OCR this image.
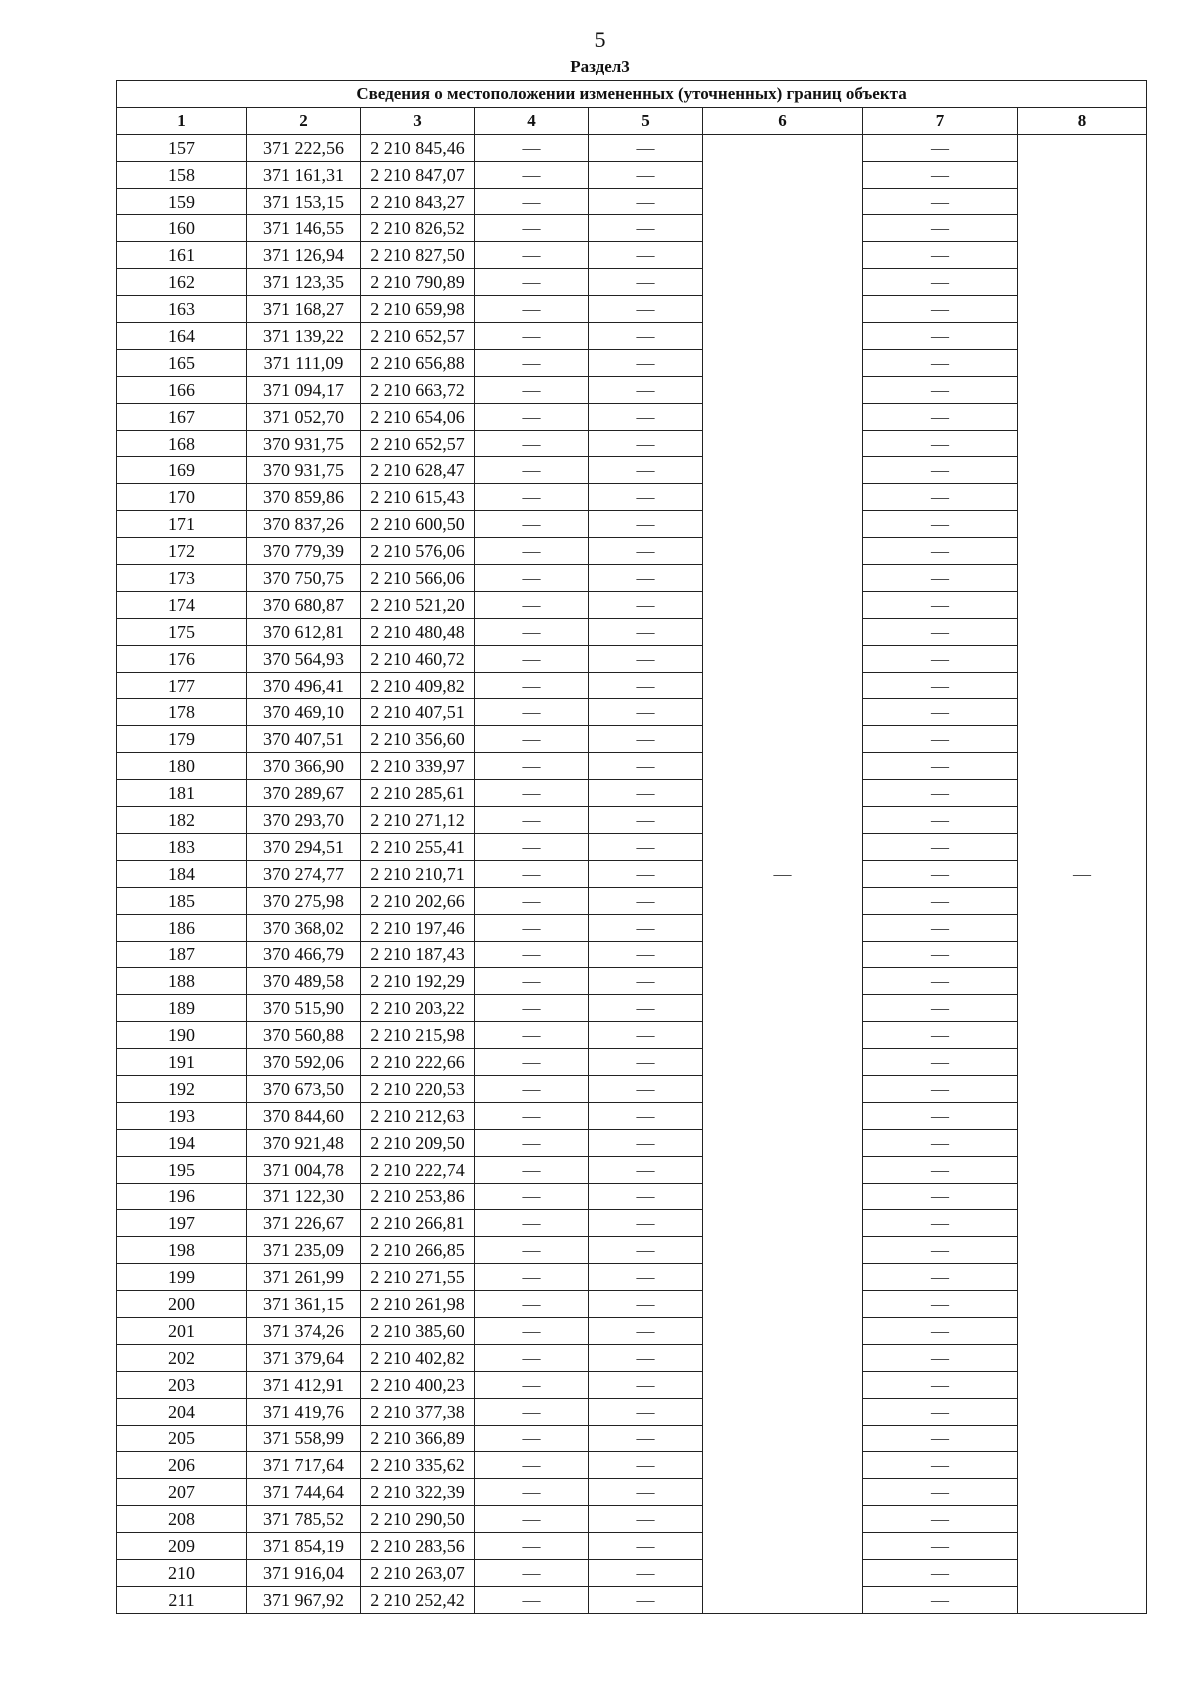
5
Раздел3
Сведения о местоположении измененных (уточненных) границ объекта							
1	2	3	4	5	6	7	8
157	371 222,56	2 210 845,46	—	—	—	—	—
158	371 161,31	2 210 847,07	—	—		—	
159	371 153,15	2 210 843,27	—	—		—	
160	371 146,55	2 210 826,52	—	—		—	
161	371 126,94	2 210 827,50	—	—		—	
162	371 123,35	2 210 790,89	—	—		—	
163	371 168,27	2 210 659,98	—	—		—	
164	371 139,22	2 210 652,57	—	—		—	
165	371 111,09	2 210 656,88	—	—		—	
166	371 094,17	2 210 663,72	—	—		—	
167	371 052,70	2 210 654,06	—	—		—	
168	370 931,75	2 210 652,57	—	—		—	
169	370 931,75	2 210 628,47	—	—		—	
170	370 859,86	2 210 615,43	—	—		—	
171	370 837,26	2 210 600,50	—	—		—	
172	370 779,39	2 210 576,06	—	—		—	
173	370 750,75	2 210 566,06	—	—		—	
174	370 680,87	2 210 521,20	—	—		—	
175	370 612,81	2 210 480,48	—	—		—	
176	370 564,93	2 210 460,72	—	—		—	
177	370 496,41	2 210 409,82	—	—		—	
178	370 469,10	2 210 407,51	—	—		—	
179	370 407,51	2 210 356,60	—	—		—	
180	370 366,90	2 210 339,97	—	—		—	
181	370 289,67	2 210 285,61	—	—		—	
182	370 293,70	2 210 271,12	—	—		—	
183	370 294,51	2 210 255,41	—	—		—	
184	370 274,77	2 210 210,71	—	—		—	
185	370 275,98	2 210 202,66	—	—		—	
186	370 368,02	2 210 197,46	—	—		—	
187	370 466,79	2 210 187,43	—	—		—	
188	370 489,58	2 210 192,29	—	—		—	
189	370 515,90	2 210 203,22	—	—		—	
190	370 560,88	2 210 215,98	—	—		—	
191	370 592,06	2 210 222,66	—	—		—	
192	370 673,50	2 210 220,53	—	—		—	
193	370 844,60	2 210 212,63	—	—		—	
194	370 921,48	2 210 209,50	—	—		—	
195	371 004,78	2 210 222,74	—	—		—	
196	371 122,30	2 210 253,86	—	—		—	
197	371 226,67	2 210 266,81	—	—		—	
198	371 235,09	2 210 266,85	—	—		—	
199	371 261,99	2 210 271,55	—	—		—	
200	371 361,15	2 210 261,98	—	—		—	
201	371 374,26	2 210 385,60	—	—		—	
202	371 379,64	2 210 402,82	—	—		—	
203	371 412,91	2 210 400,23	—	—		—	
204	371 419,76	2 210 377,38	—	—		—	
205	371 558,99	2 210 366,89	—	—		—	
206	371 717,64	2 210 335,62	—	—		—	
207	371 744,64	2 210 322,39	—	—		—	
208	371 785,52	2 210 290,50	—	—		—	
209	371 854,19	2 210 283,56	—	—		—	
210	371 916,04	2 210 263,07	—	—		—	
211	371 967,92	2 210 252,42	—	—		—	
